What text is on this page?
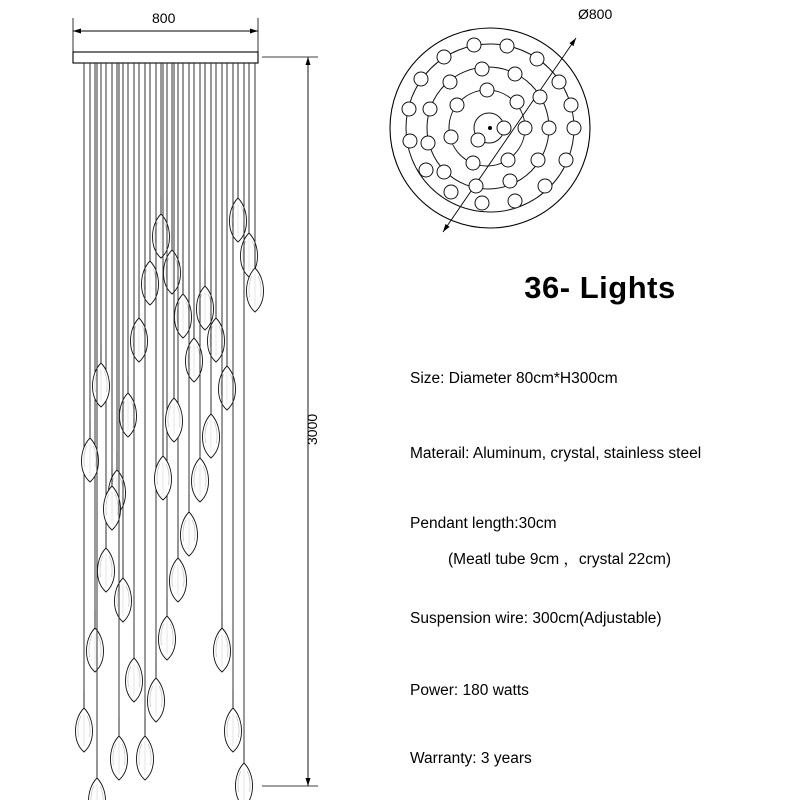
800
3000
Ø800
36- Lights
Size: Diameter 80cm*H300cm
Materail: Aluminum, crystal, stainless steel
Pendant length:30cm
(Meatl tube 9cm ，crystal 22cm)
Suspension wire: 300cm(Adjustable)
Power: 180 watts
Warranty: 3 years
